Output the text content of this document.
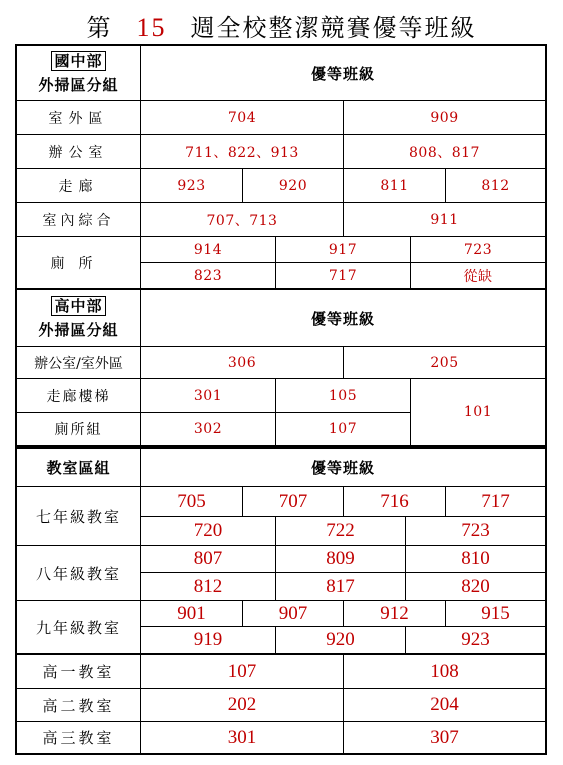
第 15 週全校整潔競賽優等班級
國中部
外掃區分組
優等班級
室外區	704	909
辦公室	711、822、913	808、817
走廊	923	920	811	812
室內綜合	707、713	911
廁所
914	917	723
823	717	從缺
高中部
外掃區分組
優等班級
辦公室/室外區	306	205
走廊樓梯	301	105
廁所組	302	107
101
教室區組	優等班級
七年級教室
705	707	716	717
720	722	723
八年級教室
807	809	810
812	817	820
九年級教室
901	907	912	915
919	920	923
高一教室	107	108
高二教室	202	204
高三教室	301	307
